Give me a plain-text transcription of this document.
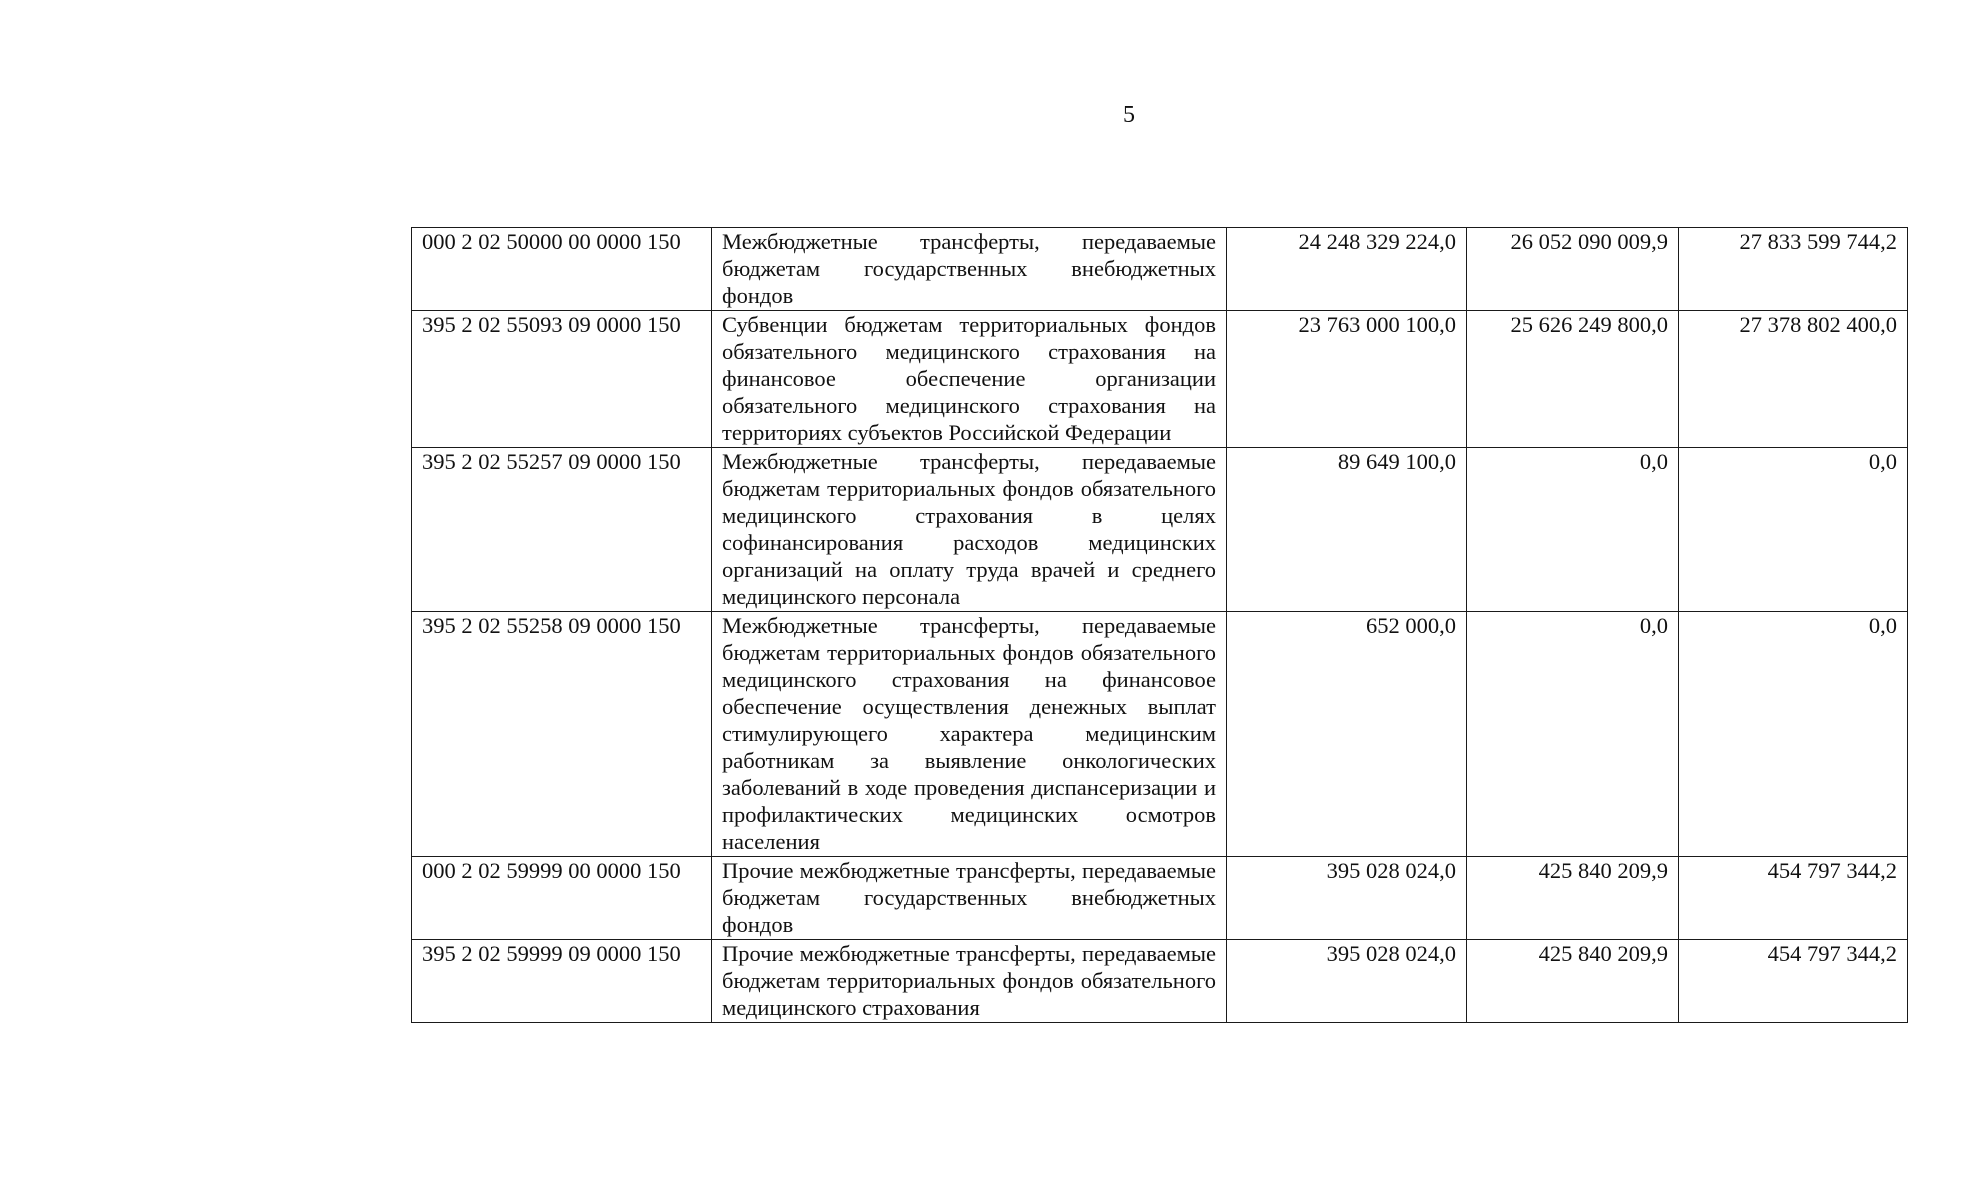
5
000 2 02 50000 00 0000 150	Межбюджетные трансферты, передаваемые бюджетам государственных внебюджетных фондов	24 248 329 224,0	26 052 090 009,9	27 833 599 744,2
395 2 02 55093 09 0000 150	Субвенции бюджетам территориальных фондов обязательного медицинского страхования на финансовое обеспечение организации обязательного медицинского страхования на территориях субъектов Российской Федерации	23 763 000 100,0	25 626 249 800,0	27 378 802 400,0
395 2 02 55257 09 0000 150	Межбюджетные трансферты, передаваемые бюджетам территориальных фондов обязательного медицинского страхования в целях софинансирования расходов медицинских организаций на оплату труда врачей и среднего медицинского персонала	89 649 100,0	0,0	0,0
395 2 02 55258 09 0000 150	Межбюджетные трансферты, передаваемые бюджетам территориальных фондов обязательного медицинского страхования на финансовое обеспечение осуществления денежных выплат стимулирующего характера медицинским работникам за выявление онкологических заболеваний в ходе проведения диспансеризации и профилактических медицинских осмотров населения	652 000,0	0,0	0,0
000 2 02 59999 00 0000 150	Прочие межбюджетные трансферты, передаваемые бюджетам государственных внебюджетных фондов	395 028 024,0	425 840 209,9	454 797 344,2
395 2 02 59999 09 0000 150	Прочие межбюджетные трансферты, передаваемые бюджетам территориальных фондов обязательного медицинского страхования	395 028 024,0	425 840 209,9	454 797 344,2
